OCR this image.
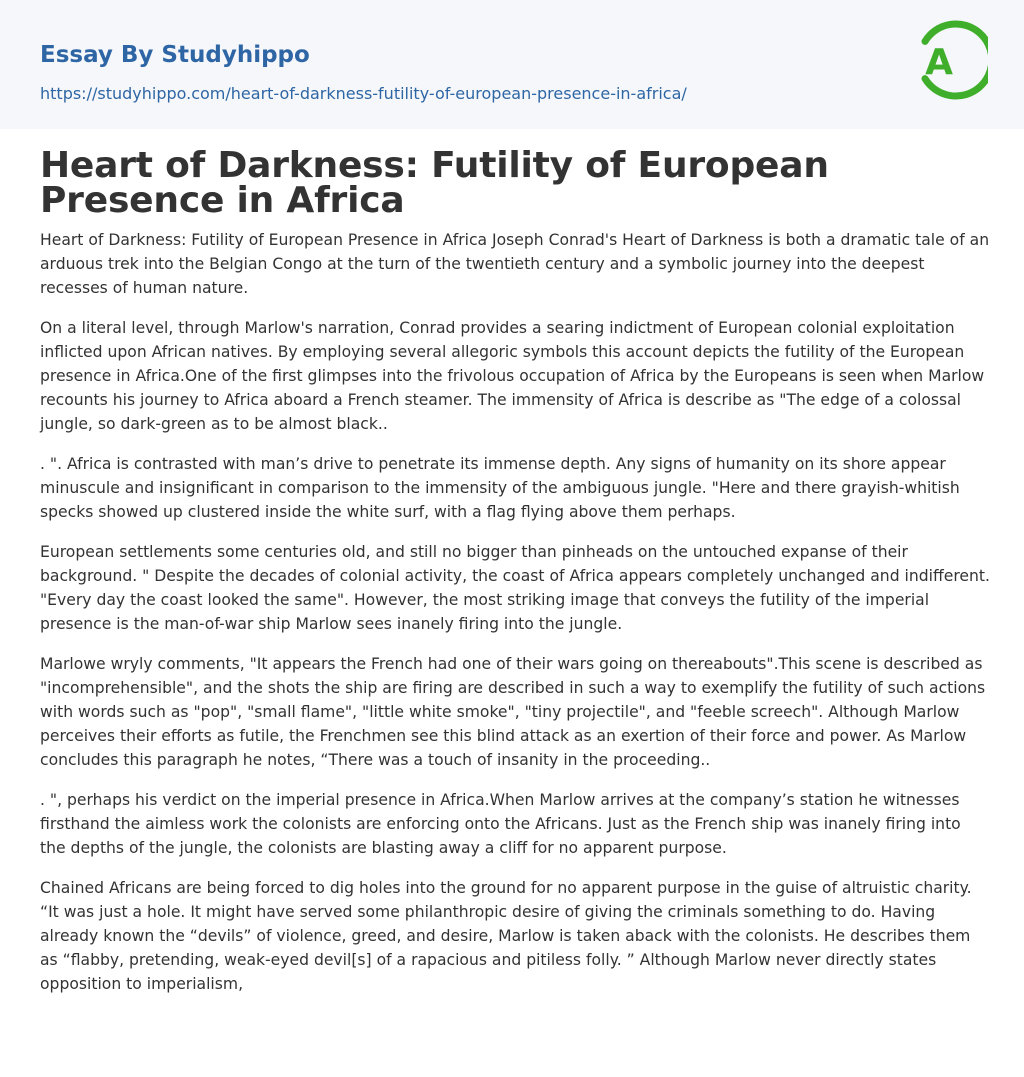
Essay By Studyhippo
https://studyhippo.com/heart-of-darkness-futility-of-european-presence-in-africa/
A
Heart of Darkness: Futility of European Presence in Africa

Heart of Darkness: Futility of European Presence in Africa Joseph Conrad's Heart of Darkness is both a dramatic tale of an arduous trek into the Belgian Congo at the turn of the twentieth century and a symbolic journey into the deepest recesses of human nature.

On a literal level, through Marlow's narration, Conrad provides a searing indictment of European colonial exploitation inflicted upon African natives. By employing several allegoric symbols this account depicts the futility of the European presence in Africa.One of the first glimpses into the frivolous occupation of Africa by the Europeans is seen when Marlow recounts his journey to Africa aboard a French steamer. The immensity of Africa is describe as "The edge of a colossal jungle, so dark-green as to be almost black..

. ". Africa is contrasted with man’s drive to penetrate its immense depth. Any signs of humanity on its shore appear minuscule and insignificant in comparison to the immensity of the ambiguous jungle. "Here and there grayish-whitish specks showed up clustered inside the white surf, with a flag flying above them perhaps.

European settlements some centuries old, and still no bigger than pinheads on the untouched expanse of their background. " Despite the decades of colonial activity, the coast of Africa appears completely unchanged and indifferent. "Every day the coast looked the same". However, the most striking image that conveys the futility of the imperial presence is the man-of-war ship Marlow sees inanely firing into the jungle.

Marlowe wryly comments, "It appears the French had one of their wars going on thereabouts".This scene is described as "incomprehensible", and the shots the ship are firing are described in such a way to exemplify the futility of such actions with words such as "pop", "small flame", "little white smoke", "tiny projectile", and "feeble screech". Although Marlow perceives their efforts as futile, the Frenchmen see this blind attack as an exertion of their force and power. As Marlow concludes this paragraph he notes, “There was a touch of insanity in the proceeding..

. ", perhaps his verdict on the imperial presence in Africa.When Marlow arrives at the company’s station he witnesses firsthand the aimless work the colonists are enforcing onto the Africans. Just as the French ship was inanely firing into the depths of the jungle, the colonists are blasting away a cliff for no apparent purpose.

Chained Africans are being forced to dig holes into the ground for no apparent purpose in the guise of altruistic charity. “It was just a hole. It might have served some philanthropic desire of giving the criminals something to do. Having already known the “devils” of violence, greed, and desire, Marlow is taken aback with the colonists. He describes them as “flabby, pretending, weak-eyed devil[s] of a rapacious and pitiless folly. ” Although Marlow never directly states opposition to imperialism,
